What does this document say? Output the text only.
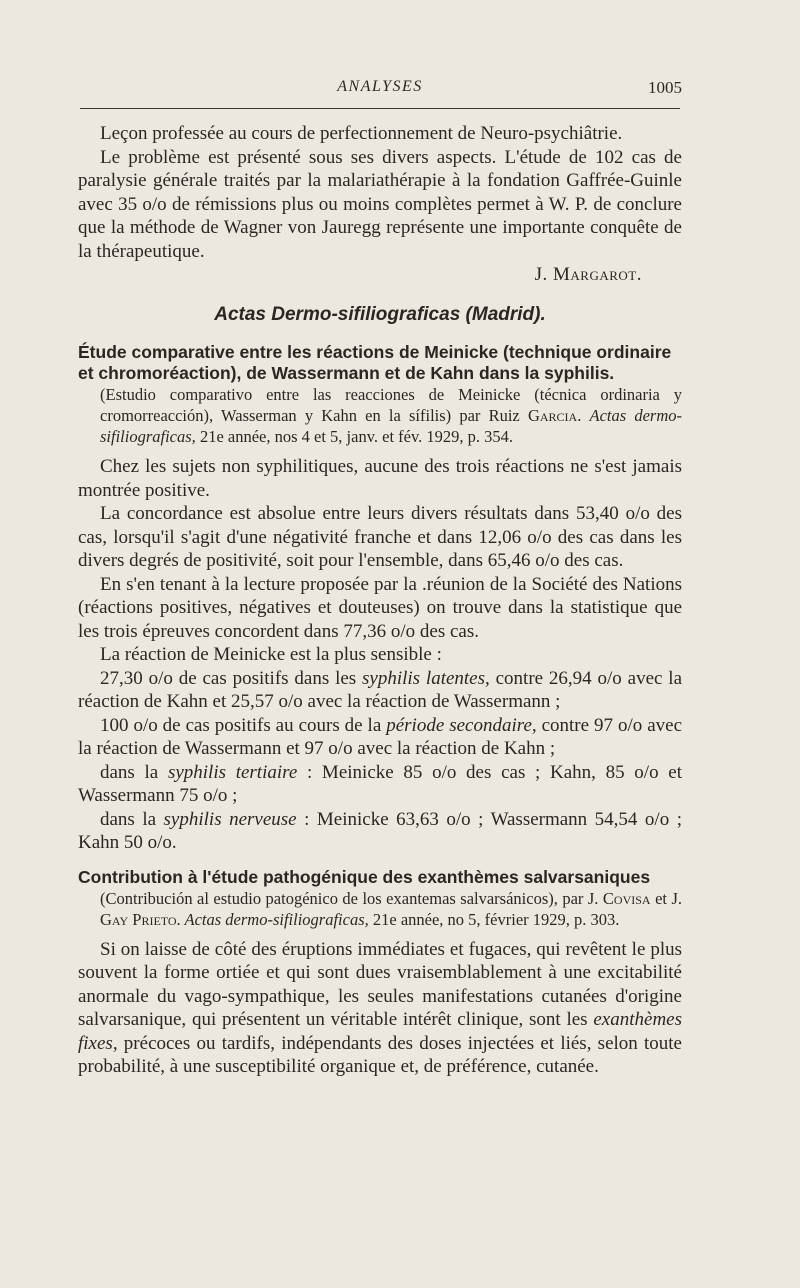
ANALYSES	1005

Leçon professée au cours de perfectionnement de Neuro-psychiâtrie.

Le problème est présenté sous ses divers aspects. L'étude de 102 cas de paralysie générale traités par la malariathérapie à la fondation Gaffrée-Guinle avec 35 o/o de rémissions plus ou moins complètes permet à W. P. de conclure que la méthode de Wagner von Jauregg représente une importante conquête de la thérapeutique.

J. Margarot.

Actas Dermo-sifiliograficas (Madrid).

Étude comparative entre les réactions de Meinicke (technique ordinaire et chromoréaction), de Wassermann et de Kahn dans la syphilis.

(Estudio comparativo entre las reacciones de Meinicke (técnica ordinaria y cromorreacción), Wasserman y Kahn en la sífilis) par Ruiz Garcia. Actas dermo-sifiliograficas, 21e année, nos 4 et 5, janv. et fév. 1929, p. 354.

Chez les sujets non syphilitiques, aucune des trois réactions ne s'est jamais montrée positive.

La concordance est absolue entre leurs divers résultats dans 53,40 o/o des cas, lorsqu'il s'agit d'une négativité franche et dans 12,06 o/o des cas dans les divers degrés de positivité, soit pour l'ensemble, dans 65,46 o/o des cas.

En s'en tenant à la lecture proposée par la .réunion de la Société des Nations (réactions positives, négatives et douteuses) on trouve dans la statistique que les trois épreuves concordent dans 77,36 o/o des cas.

La réaction de Meinicke est la plus sensible :

27,30 o/o de cas positifs dans les syphilis latentes, contre 26,94 o/o avec la réaction de Kahn et 25,57 o/o avec la réaction de Wassermann ;

100 o/o de cas positifs au cours de la période secondaire, contre 97 o/o avec la réaction de Wassermann et 97 o/o avec la réaction de Kahn ;

dans la syphilis tertiaire : Meinicke 85 o/o des cas ; Kahn, 85 o/o et Wassermann 75 o/o ;

dans la syphilis nerveuse : Meinicke 63,63 o/o ; Wassermann 54,54 o/o ; Kahn 50 o/o.

Contribution à l'étude pathogénique des exanthèmes salvarsaniques

(Contribución al estudio patogénico de los exantemas salvarsánicos), par J. Covisa et J. Gay Prieto. Actas dermo-sifiliograficas, 21e année, no 5, février 1929, p. 303.

Si on laisse de côté des éruptions immédiates et fugaces, qui revêtent le plus souvent la forme ortiée et qui sont dues vraisemblablement à une excitabilité anormale du vago-sympathique, les seules manifestations cutanées d'origine salvarsanique, qui présentent un véritable intérêt clinique, sont les exanthèmes fixes, précoces ou tardifs, indépendants des doses injectées et liés, selon toute probabilité, à une susceptibilité organique et, de préférence, cutanée.
